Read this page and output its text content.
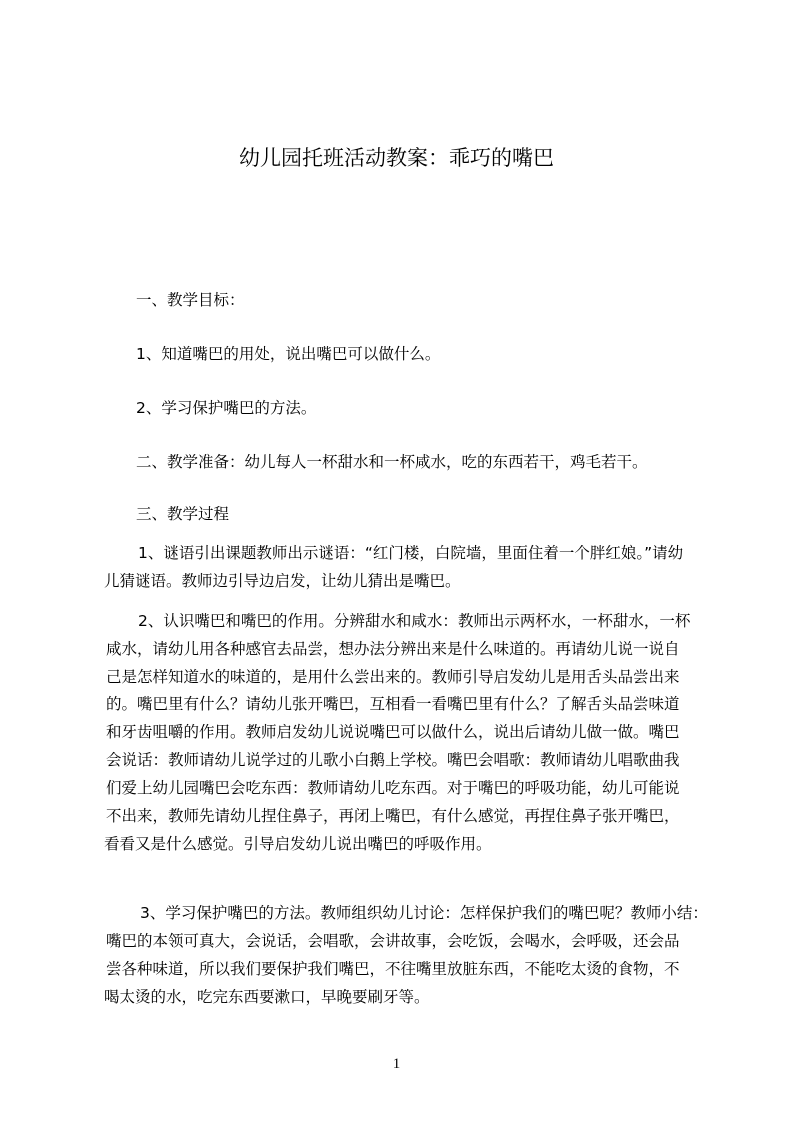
幼儿园托班活动教案：乖巧的嘴巴
一、教学目标：
1、知道嘴巴的用处，说出嘴巴可以做什么。
2、学习保护嘴巴的方法。
二、教学准备：幼儿每人一杯甜水和一杯咸水，吃的东西若干，鸡毛若干。
三、教学过程
1、谜语引出课题教师出示谜语：“红门楼，白院墙，里面住着一个胖红娘。”请幼
儿猜谜语。教师边引导边启发，让幼儿猜出是嘴巴。
2、认识嘴巴和嘴巴的作用。分辨甜水和咸水：教师出示两杯水，一杯甜水，一杯
咸水，请幼儿用各种感官去品尝，想办法分辨出来是什么味道的。再请幼儿说一说自
己是怎样知道水的味道的，是用什么尝出来的。教师引导启发幼儿是用舌头品尝出来
的。嘴巴里有什么？请幼儿张开嘴巴，互相看一看嘴巴里有什么？了解舌头品尝味道
和牙齿咀嚼的作用。教师启发幼儿说说嘴巴可以做什么，说出后请幼儿做一做。嘴巴
会说话：教师请幼儿说学过的儿歌小白鹅上学校。嘴巴会唱歌：教师请幼儿唱歌曲我
们爱上幼儿园嘴巴会吃东西：教师请幼儿吃东西。对于嘴巴的呼吸功能，幼儿可能说
不出来，教师先请幼儿捏住鼻子，再闭上嘴巴，有什么感觉，再捏住鼻子张开嘴巴，
看看又是什么感觉。引导启发幼儿说出嘴巴的呼吸作用。
3、学习保护嘴巴的方法。教师组织幼儿讨论：怎样保护我们的嘴巴呢？教师小结：
嘴巴的本领可真大，会说话，会唱歌，会讲故事，会吃饭，会喝水，会呼吸，还会品
尝各种味道，所以我们要保护我们嘴巴，不往嘴里放脏东西，不能吃太烫的食物，不
喝太烫的水，吃完东西要漱口，早晚要刷牙等。
1
